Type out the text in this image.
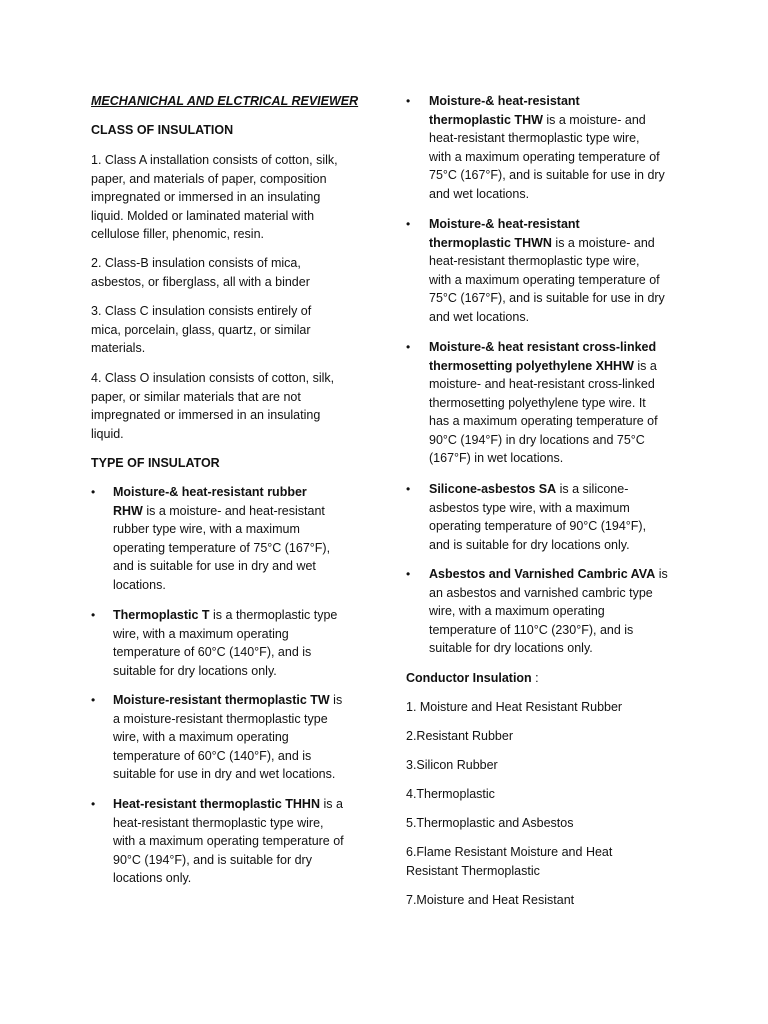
MECHANICHAL AND ELCTRICAL REVIEWER
CLASS OF INSULATION
1. Class A installation consists of cotton, silk,
paper, and materials of paper, composition
impregnated or immersed in an insulating
liquid. Molded or laminated material with
cellulose filler, phenomic, resin.
2. Class-B insulation consists of mica,
asbestos, or fiberglass, all with a binder
3. Class C insulation consists entirely of
mica, porcelain, glass, quartz, or similar
materials.
4. Class O insulation consists of cotton, silk,
paper, or similar materials that are not
impregnated or immersed in an insulating
liquid.
TYPE OF INSULATOR
• Moisture-& heat-resistant rubber
RHW is a moisture- and heat-resistant
rubber type wire, with a maximum
operating temperature of 75°C (167°F),
and is suitable for use in dry and wet
locations.
• Thermoplastic T is a thermoplastic type
wire, with a maximum operating
temperature of 60°C (140°F), and is
suitable for dry locations only.
• Moisture-resistant thermoplastic TW is
a moisture-resistant thermoplastic type
wire, with a maximum operating
temperature of 60°C (140°F), and is
suitable for use in dry and wet locations.
• Heat-resistant thermoplastic THHN is a
heat-resistant thermoplastic type wire,
with a maximum operating temperature of
90°C (194°F), and is suitable for dry
locations only.
• Moisture-& heat-resistant
thermoplastic THW is a moisture- and
heat-resistant thermoplastic type wire,
with a maximum operating temperature of
75°C (167°F), and is suitable for use in dry
and wet locations.
• Moisture-& heat-resistant
thermoplastic THWN is a moisture- and
heat-resistant thermoplastic type wire,
with a maximum operating temperature of
75°C (167°F), and is suitable for use in dry
and wet locations.
• Moisture-& heat resistant cross-linked
thermosetting polyethylene XHHW is a
moisture- and heat-resistant cross-linked
thermosetting polyethylene type wire. It
has a maximum operating temperature of
90°C (194°F) in dry locations and 75°C
(167°F) in wet locations.
• Silicone-asbestos SA is a silicone-
asbestos type wire, with a maximum
operating temperature of 90°C (194°F),
and is suitable for dry locations only.
• Asbestos and Varnished Cambric AVA is
an asbestos and varnished cambric type
wire, with a maximum operating
temperature of 110°C (230°F), and is
suitable for dry locations only.
Conductor Insulation :
1. Moisture and Heat Resistant Rubber
2.Resistant Rubber
3.Silicon Rubber
4.Thermoplastic
5.Thermoplastic and Asbestos
6.Flame Resistant Moisture and Heat
Resistant Thermoplastic
7.Moisture and Heat Resistant
